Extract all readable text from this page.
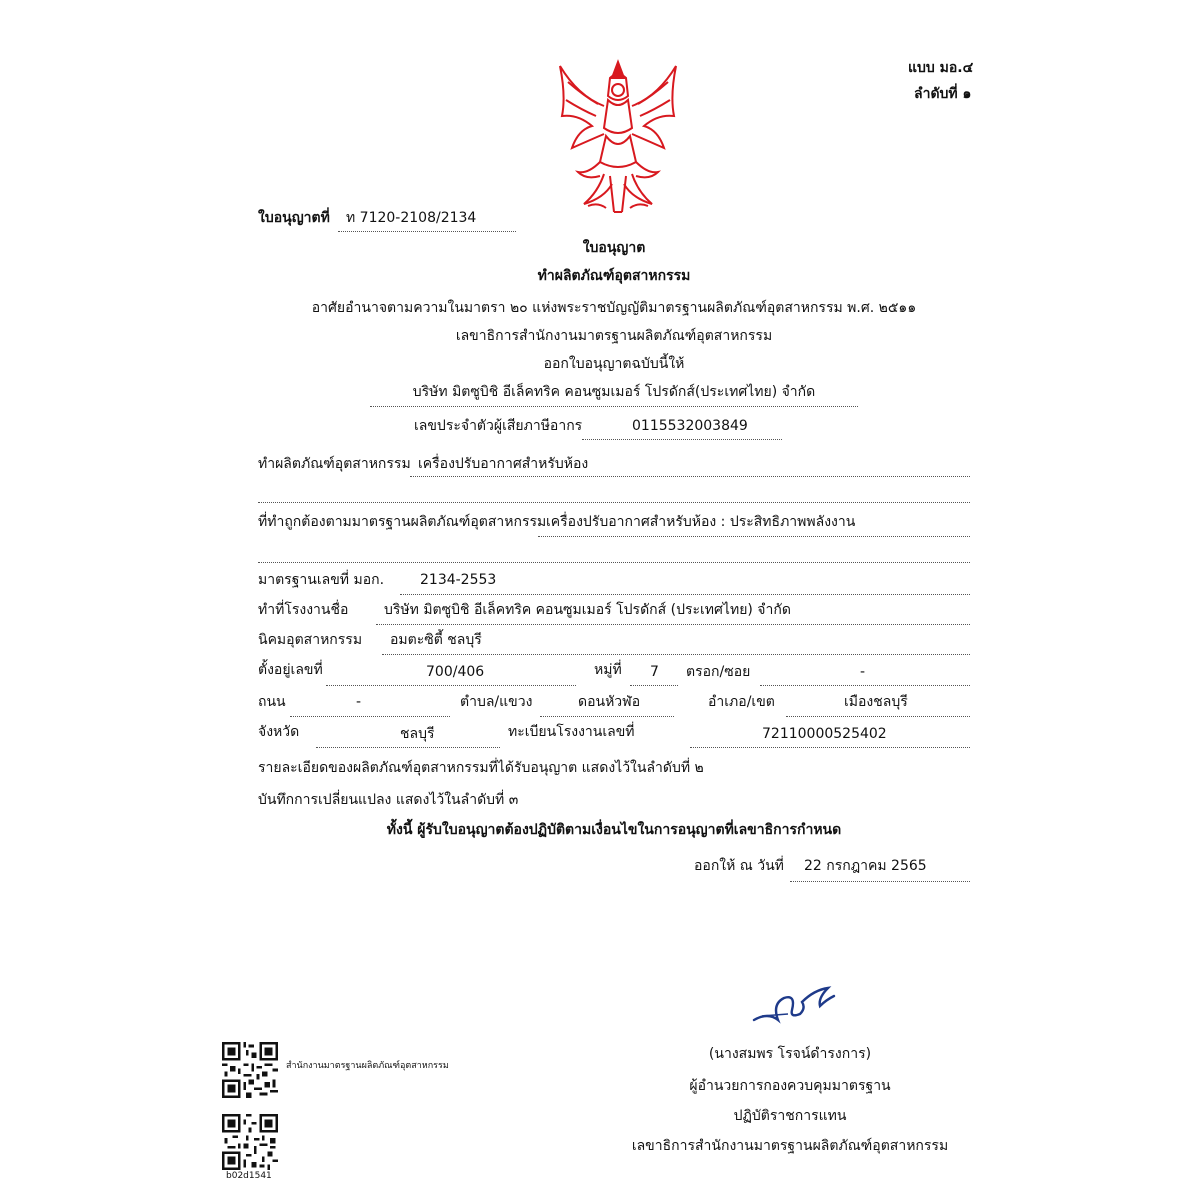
แบบ มอ.๔
ลำดับที่ ๑
ใบอนุญาตที่ ท 7120-2108/2134
ใบอนุญาต
ทำผลิตภัณฑ์อุตสาหกรรม
อาศัยอำนาจตามความในมาตรา ๒๐ แห่งพระราชบัญญัติมาตรฐานผลิตภัณฑ์อุตสาหกรรม พ.ศ. ๒๕๑๑
เลขาธิการสำนักงานมาตรฐานผลิตภัณฑ์อุตสาหกรรม
ออกใบอนุญาตฉบับนี้ให้
บริษัท มิตซูบิชิ อีเล็คทริค คอนซูมเมอร์ โปรดักส์(ประเทศไทย) จำกัด
เลขประจำตัวผู้เสียภาษีอากร	0115532003849
ทำผลิตภัณฑ์อุตสาหกรรม เครื่องปรับอากาศสำหรับห้อง
ที่ทำถูกต้องตามมาตรฐานผลิตภัณฑ์อุตสาหกรรม เครื่องปรับอากาศสำหรับห้อง : ประสิทธิภาพพลังงาน
มาตรฐานเลขที่ มอก.	2134-2553
ทำที่โรงงานชื่อ	บริษัท มิตซูบิชิ อีเล็คทริค คอนซูมเมอร์ โปรดักส์ (ประเทศไทย) จำกัด
นิคมอุตสาหกรรม อมตะซิตี้ ชลบุรี
ตั้งอยู่เลขที่	700/406	หมู่ที่ 7 ตรอก/ซอย	-
ถนน	-	ตำบล/แขวง	ดอนหัวฬ่อ	อำเภอ/เขต	เมืองชลบุรี
จังหวัด	ชลบุรี	ทะเบียนโรงงานเลขที่	72110000525402
รายละเอียดของผลิตภัณฑ์อุตสาหกรรมที่ได้รับอนุญาต แสดงไว้ในลำดับที่ ๒
บันทึกการเปลี่ยนแปลง แสดงไว้ในลำดับที่ ๓
ทั้งนี้ ผู้รับใบอนุญาตต้องปฏิบัติตามเงื่อนไขในการอนุญาตที่เลขาธิการกำหนด
ออกให้ ณ วันที่ 22 กรกฎาคม 2565
(นางสมพร โรจน์ดำรงการ)
ผู้อำนวยการกองควบคุมมาตรฐาน
ปฏิบัติราชการแทน
เลขาธิการสำนักงานมาตรฐานผลิตภัณฑ์อุตสาหกรรม
สำนักงานมาตรฐานผลิตภัณฑ์อุตสาหกรรม
b02d1541
